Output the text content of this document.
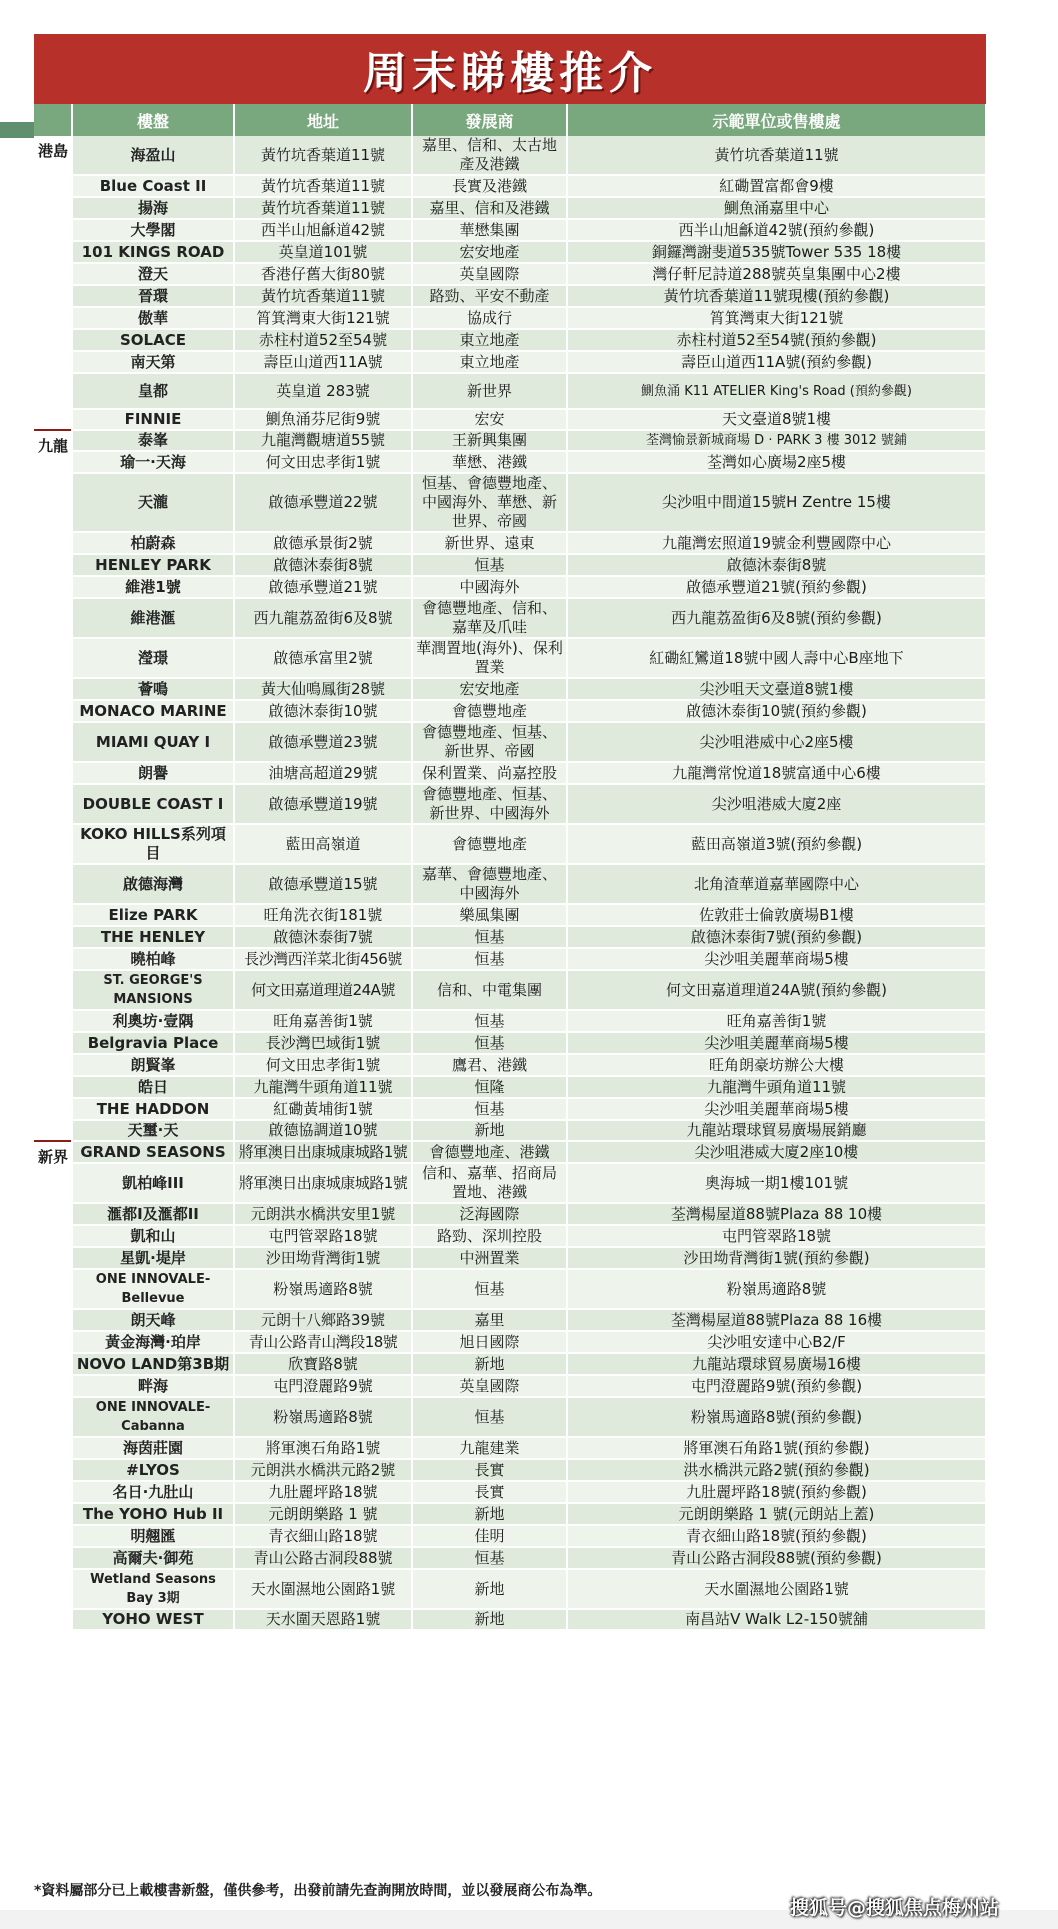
周末睇樓推介
	樓盤	地址	發展商	示範單位或售樓處
港島	海盈山	黃竹坑香葉道11號	嘉里、信和、太古地產及港鐵	黃竹坑香葉道11號
	Blue Coast II	黃竹坑香葉道11號	長實及港鐵	紅磡置富都會9樓
	揚海	黃竹坑香葉道11號	嘉里、信和及港鐵	鰂魚涌嘉里中心
	大學閣	西半山旭龢道42號	華懋集團	西半山旭龢道42號(預約參觀)
	101 KINGS ROAD	英皇道101號	宏安地產	銅鑼灣謝斐道535號Tower 535 18樓
	澄天	香港仔舊大街80號	英皇國際	灣仔軒尼詩道288號英皇集團中心2樓
	晉環	黃竹坑香葉道11號	路勁、平安不動產	黃竹坑香葉道11號現樓(預約參觀)
	傲華	筲箕灣東大街121號	協成行	筲箕灣東大街121號
	SOLACE	赤柱村道52至54號	東立地產	赤柱村道52至54號(預約參觀)
	南天第	壽臣山道西11A號	東立地產	壽臣山道西11A號(預約參觀)
	皇都	英皇道 283號	新世界	鰂魚涌 K11 ATELIER King's Road (預約參觀)
	FINNIE	鰂魚涌芬尼街9號	宏安	天文臺道8號1樓
九龍	泰峯	九龍灣觀塘道55號	王新興集團	荃灣愉景新城商場 D · PARK 3 樓 3012 號鋪
	瑜一·天海	何文田忠孝街1號	華懋、港鐵	荃灣如心廣場2座5樓
	天瀧	啟德承豐道22號	恒基、會德豐地產、中國海外、華懋、新世界、帝國	尖沙咀中間道15號H Zentre 15樓
	柏蔚森	啟德承景街2號	新世界、遠東	九龍灣宏照道19號金利豐國際中心
	HENLEY PARK	啟德沐泰街8號	恒基	啟德沐泰街8號
	維港1號	啟德承豐道21號	中國海外	啟德承豐道21號(預約參觀)
	維港滙	西九龍荔盈街6及8號	會德豐地產、信和、嘉華及爪哇	西九龍荔盈街6及8號(預約參觀)
	瀅璟	啟德承富里2號	華潤置地(海外)、保利置業	紅磡紅鸞道18號中國人壽中心B座地下
	薈鳴	黃大仙鳴鳳街28號	宏安地產	尖沙咀天文臺道8號1樓
	MONACO MARINE	啟德沐泰街10號	會德豐地產	啟德沐泰街10號(預約參觀)
	MIAMI QUAY I	啟德承豐道23號	會德豐地產、恒基、新世界、帝國	尖沙咀港威中心2座5樓
	朗譽	油塘高超道29號	保利置業、尚嘉控股	九龍灣常悅道18號富通中心6樓
	DOUBLE COAST I	啟德承豐道19號	會德豐地產、恒基、新世界、中國海外	尖沙咀港威大廈2座
	KOKO HILLS系列項目	藍田高嶺道	會德豐地產	藍田高嶺道3號(預約參觀)
	啟德海灣	啟德承豐道15號	嘉華、會德豐地產、中國海外	北角渣華道嘉華國際中心
	Elize PARK	旺角洗衣街181號	樂風集團	佐敦莊士倫敦廣場B1樓
	THE HENLEY	啟德沐泰街7號	恒基	啟德沐泰街7號(預約參觀)
	曉柏峰	長沙灣西洋菜北街456號	恒基	尖沙咀美麗華商場5樓
	ST. GEORGE'S MANSIONS	何文田嘉道理道24A號	信和、中電集團	何文田嘉道理道24A號(預約參觀)
	利奧坊·壹隅	旺角嘉善街1號	恒基	旺角嘉善街1號
	Belgravia Place	長沙灣巴域街1號	恒基	尖沙咀美麗華商場5樓
	朗賢峯	何文田忠孝街1號	鷹君、港鐵	旺角朗豪坊辦公大樓
	皓日	九龍灣牛頭角道11號	恒隆	九龍灣牛頭角道11號
	THE HADDON	紅磡黃埔街1號	恒基	尖沙咀美麗華商場5樓
	天璽·天	啟德協調道10號	新地	九龍站環球貿易廣場展銷廳
新界	GRAND SEASONS	將軍澳日出康城康城路1號	會德豐地產、港鐵	尖沙咀港威大廈2座10樓
	凱柏峰III	將軍澳日出康城康城路1號	信和、嘉華、招商局置地、港鐵	奧海城一期1樓101號
	滙都I及滙都II	元朗洪水橋洪安里1號	泛海國際	荃灣楊屋道88號Plaza 88 10樓
	凱和山	屯門管翠路18號	路勁、深圳控股	屯門管翠路18號
	星凱·堤岸	沙田坳背灣街1號	中洲置業	沙田坳背灣街1號(預約參觀)
	ONE INNOVALE-Bellevue	粉嶺馬適路8號	恒基	粉嶺馬適路8號
	朗天峰	元朗十八鄉路39號	嘉里	荃灣楊屋道88號Plaza 88 16樓
	黃金海灣·珀岸	青山公路青山灣段18號	旭日國際	尖沙咀安達中心B2/F
	NOVO LAND第3B期	欣寶路8號	新地	九龍站環球貿易廣場16樓
	畔海	屯門澄麗路9號	英皇國際	屯門澄麗路9號(預約參觀)
	ONE INNOVALE-Cabanna	粉嶺馬適路8號	恒基	粉嶺馬適路8號(預約參觀)
	海茵莊園	將軍澳石角路1號	九龍建業	將軍澳石角路1號(預約參觀)
	#LYOS	元朗洪水橋洪元路2號	長實	洪水橋洪元路2號(預約參觀)
	名日·九肚山	九肚麗坪路18號	長實	九肚麗坪路18號(預約參觀)
	The YOHO Hub II	元朗朗樂路 1 號	新地	元朗朗樂路 1 號(元朗站上蓋)
	明翹匯	青衣細山路18號	佳明	青衣細山路18號(預約參觀)
	高爾夫·御苑	青山公路古洞段88號	恒基	青山公路古洞段88號(預約參觀)
	Wetland Seasons Bay 3期	天水圍濕地公園路1號	新地	天水圍濕地公園路1號
	YOHO WEST	天水圍天恩路1號	新地	南昌站V Walk L2-150號舖
*資料屬部分已上載樓書新盤，僅供參考，出發前請先查詢開放時間，並以發展商公布為準。
搜狐号@搜狐焦点梅州站
